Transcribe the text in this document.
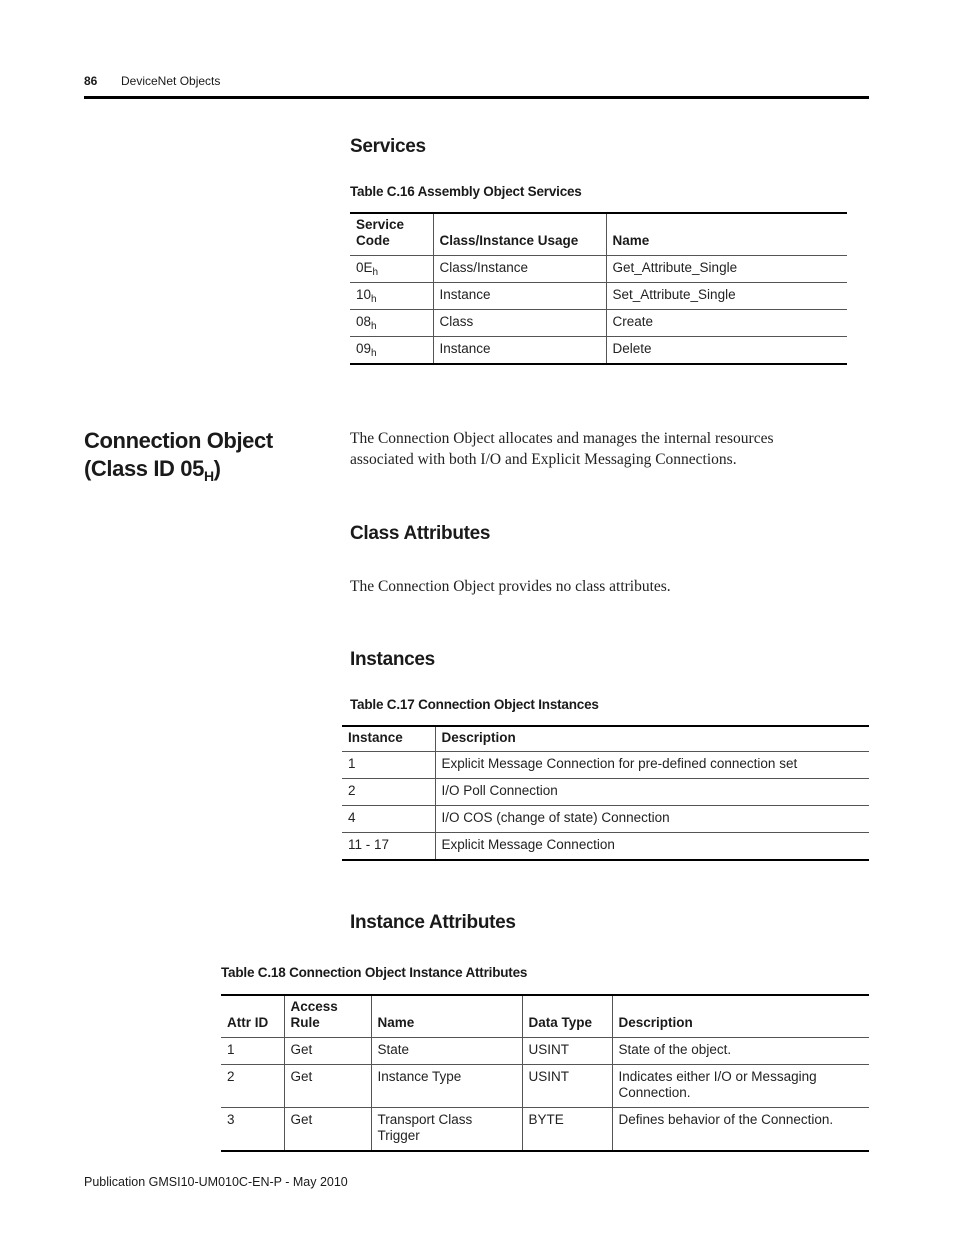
86 DeviceNet Objects
Services
Table C.16 Assembly Object Services
Service Code	Class/Instance Usage	Name
$0E_h$	Class/Instance	Get_Attribute_Single
$10_h$	Instance	Set_Attribute_Single
$08_h$	Class	Create
$09_h$	Instance	Delete
Connection Object
(Class ID $05_H$)
The Connection Object allocates and manages the internal resources associated with both I/O and Explicit Messaging Connections.
Class Attributes
The Connection Object provides no class attributes.
Instances
Table C.17 Connection Object Instances
Instance	Description
1	Explicit Message Connection for pre-defined connection set
2	I/O Poll Connection
4	I/O COS (change of state) Connection
11 - 17	Explicit Message Connection
Instance Attributes
Table C.18 Connection Object Instance Attributes
Attr ID	Access Rule	Name	Data Type	Description
1	Get	State	USINT	State of the object.
2	Get	Instance Type	USINT	Indicates either I/O or Messaging Connection.
3	Get	Transport Class Trigger	BYTE	Defines behavior of the Connection.
Publication GMSI10-UM010C-EN-P - May 2010
